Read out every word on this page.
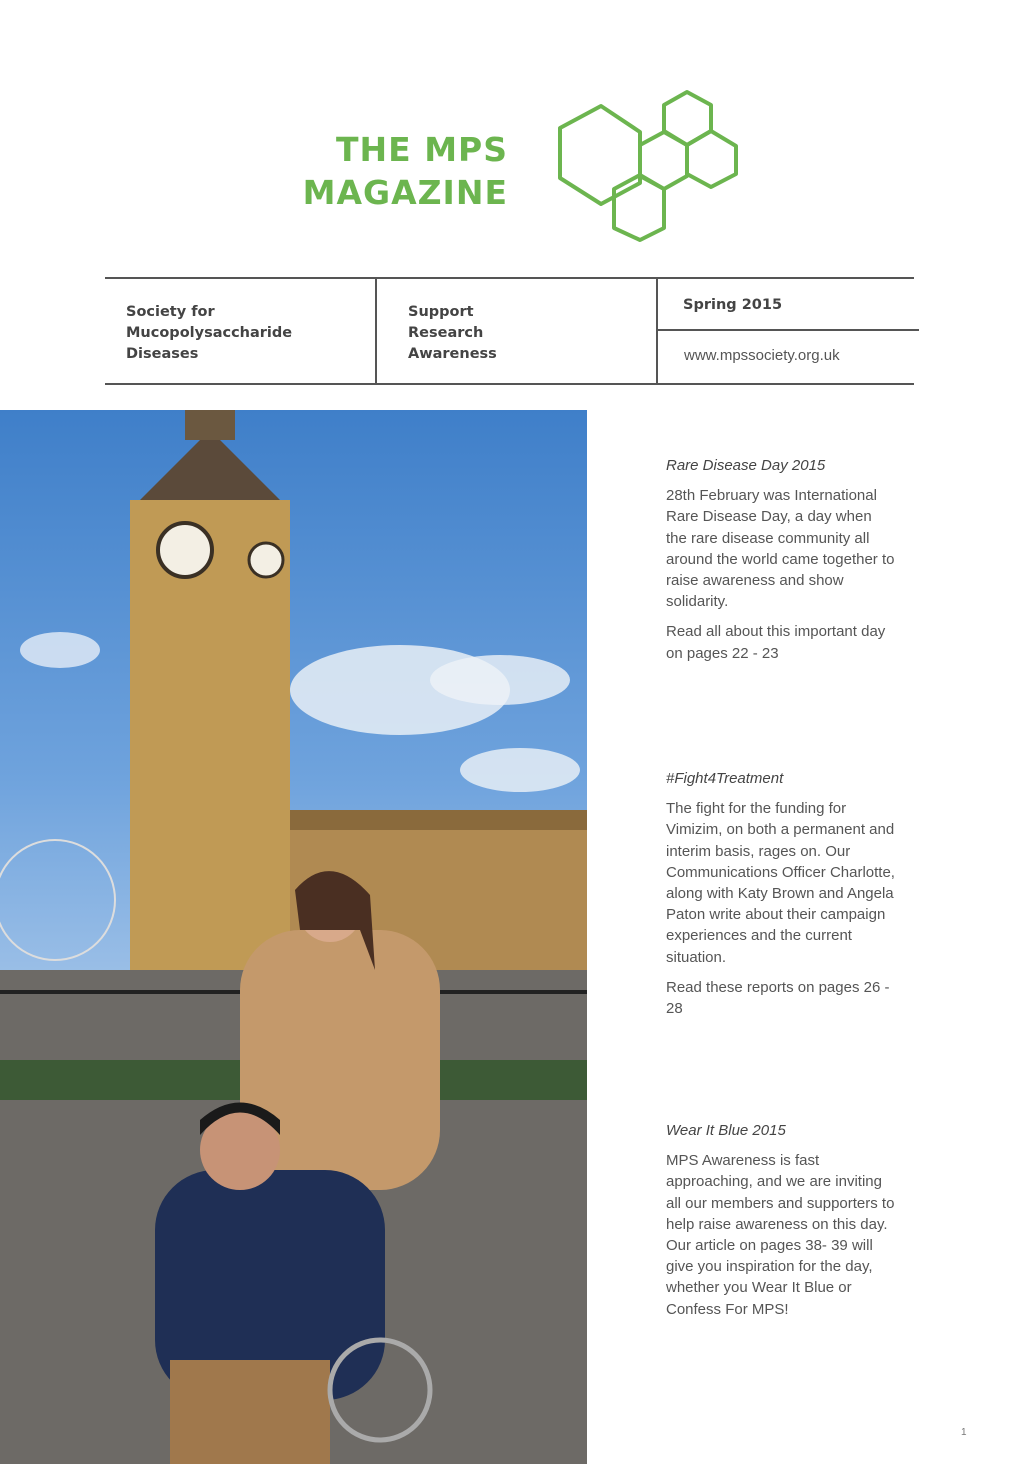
THE MPS
MAGAZINE
Society for
Mucopolysaccharide
Diseases
Support
Research
Awareness
Spring 2015
www.mpssociety.org.uk
Rare Disease Day 2015

28th February was International Rare Disease Day, a day when the rare disease community all around the world came together to raise awareness and show solidarity.

Read all about this important day on pages 22 - 23

#Fight4Treatment

The fight for the funding for Vimizim, on both a permanent and interim basis, rages on. Our Communications Officer Charlotte, along with Katy Brown and Angela Paton write about their campaign experiences and the current situation.

Read these reports on pages 26 - 28

Wear It Blue 2015

MPS Awareness is fast approaching, and we are inviting all our members and supporters to help raise awareness on this day. Our article on pages 38- 39 will give you inspiration for the day, whether you Wear It Blue or Confess For MPS!

1
